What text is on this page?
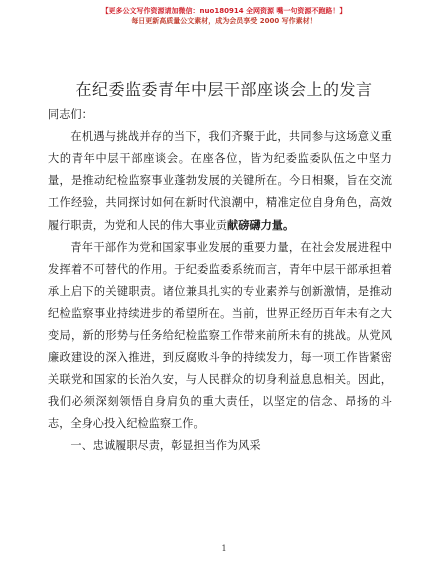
【更多公文写作资源请加微信：nuo180914 全网资源 嘴一句资源不跑路！】
每日更新高质量公文素材，成为会员享受 2000 写作素材！
在纪委监委青年中层干部座谈会上的发言

同志们：

在机遇与挑战并存的当下，我们齐聚于此，共同参与这场意义重大的青年中层干部座谈会。在座各位，皆为纪委监委队伍之中坚力量，是推动纪检监察事业蓬勃发展的关键所在。今日相聚，旨在交流工作经验，共同探讨如何在新时代浪潮中，精准定位自身角色，高效履行职责，为党和人民的伟大事业贡献磅礴力量。

青年干部作为党和国家事业发展的重要力量，在社会发展进程中发挥着不可替代的作用。于纪委监委系统而言，青年中层干部承担着承上启下的关键职责。诸位兼具扎实的专业素养与创新激情，是推动纪检监察事业持续进步的希望所在。当前，世界正经历百年未有之大变局，新的形势与任务给纪检监察工作带来前所未有的挑战。从党风廉政建设的深入推进，到反腐败斗争的持续发力，每一项工作皆紧密关联党和国家的长治久安，与人民群众的切身利益息息相关。因此，我们必须深刻领悟自身肩负的重大责任，以坚定的信念、昂扬的斗志，全身心投入纪检监察工作。

一、忠诚履职尽责，彰显担当作为风采

1
